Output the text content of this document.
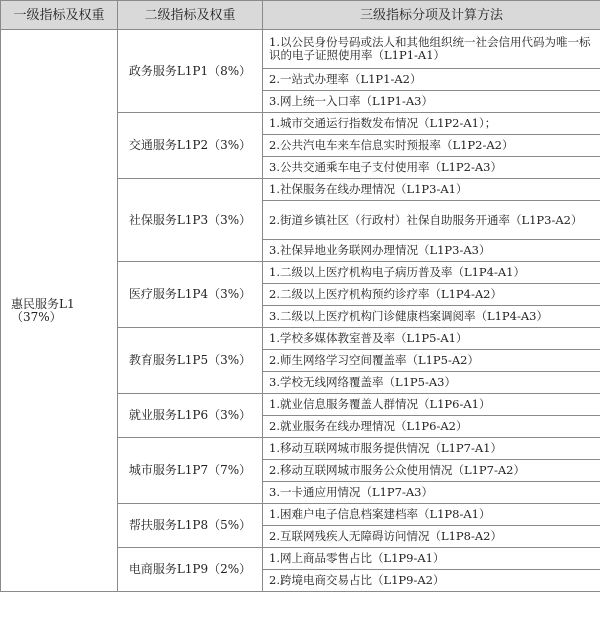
一级指标及权重	二级指标及权重	三级指标分项及计算方法
惠民服务L1（37%）	政务服务L1P1（8%）	1.以公民身份号码或法人和其他组织统一社会信用代码为唯一标识的电子证照使用率（L1P1-A1）
		2.一站式办理率（L1P1-A2）
		3.网上统一入口率（L1P1-A3）
	交通服务L1P2（3%）	1.城市交通运行指数发布情况（L1P2-A1）；
		2.公共汽电车来车信息实时预报率（L1P2-A2）
		3.公共交通乘车电子支付使用率（L1P2-A3）
	社保服务L1P3（3%）	1.社保服务在线办理情况（L1P3-A1）
		2.街道乡镇社区（行政村）社保自助服务开通率（L1P3-A2）
		3.社保异地业务联网办理情况（L1P3-A3）
	医疗服务L1P4（3%）	1.二级以上医疗机构电子病历普及率（L1P4-A1）
		2.二级以上医疗机构预约诊疗率（L1P4-A2）
		3.二级以上医疗机构门诊健康档案调阅率（L1P4-A3）
	教育服务L1P5（3%）	1.学校多媒体教室普及率（L1P5-A1）
		2.师生网络学习空间覆盖率（L1P5-A2）
		3.学校无线网络覆盖率（L1P5-A3）
	就业服务L1P6（3%）	1.就业信息服务覆盖人群情况（L1P6-A1）
		2.就业服务在线办理情况（L1P6-A2）
	城市服务L1P7（7%）	1.移动互联网城市服务提供情况（L1P7-A1）
		2.移动互联网城市服务公众使用情况（L1P7-A2）
		3.一卡通应用情况（L1P7-A3）
	帮扶服务L1P8（5%）	1.困难户电子信息档案建档率（L1P8-A1）
		2.互联网残疾人无障碍访问情况（L1P8-A2）
	电商服务L1P9（2%）	1.网上商品零售占比（L1P9-A1）
		2.跨境电商交易占比（L1P9-A2）
